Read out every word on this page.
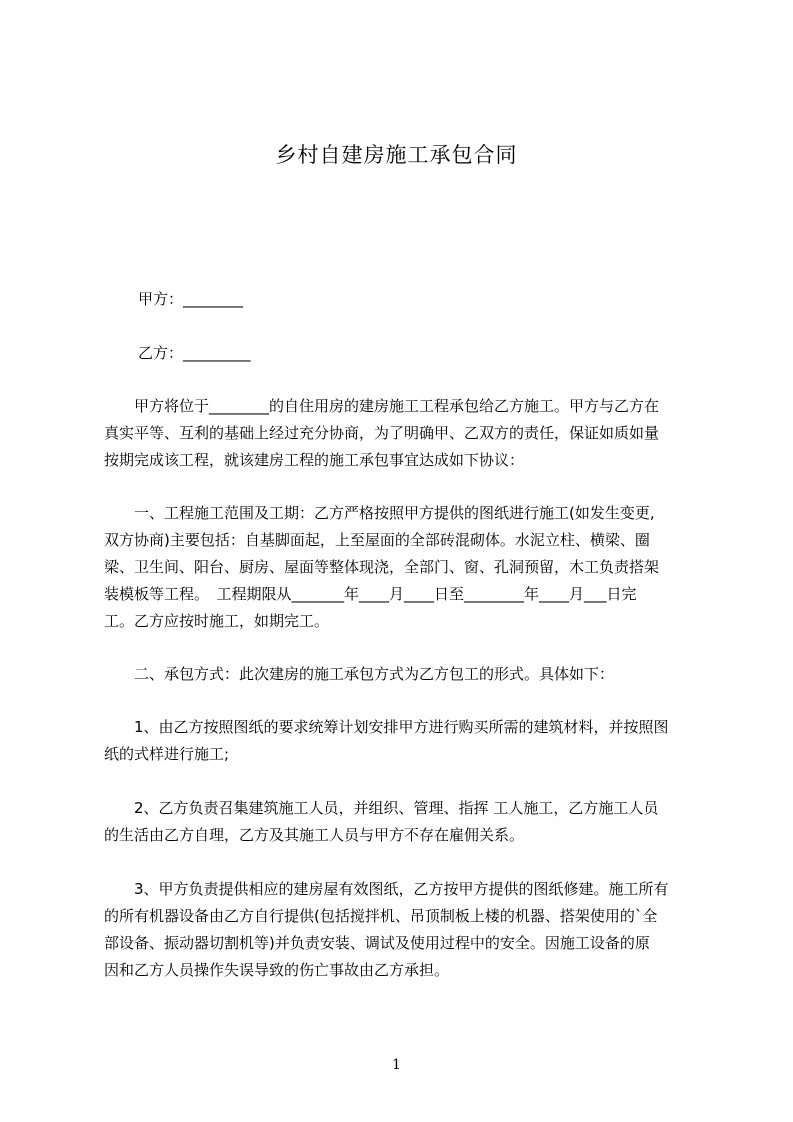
乡村自建房施工承包合同

甲方：________

乙方：_________

　　甲方将位于________的自住用房的建房施工工程承包给乙方施工。甲方与乙方在
真实平等、互利的基础上经过充分协商，为了明确甲、乙双方的责任，保证如质如量
按期完成该工程，就该建房工程的施工承包事宜达成如下协议：

　　一、工程施工范围及工期：乙方严格按照甲方提供的图纸进行施工(如发生变更,
双方协商)主要包括：自基脚面起，上至屋面的全部砖混砌体。水泥立柱、横梁、圈
梁、卫生间、阳台、厨房、屋面等整体现浇，全部门、窗、孔洞预留，木工负责搭架
装模板等工程。　工程期限从_______年____月____日至________年____月___日完
工。乙方应按时施工，如期完工。

　　二、承包方式：此次建房的施工承包方式为乙方包工的形式。具体如下：

　　1、由乙方按照图纸的要求统筹计划安排甲方进行购买所需的建筑材料，并按照图
纸的式样进行施工;

　　2、乙方负责召集建筑施工人员，并组织、管理、指挥 工人施工，乙方施工人员
的生活由乙方自理，乙方及其施工人员与甲方不存在雇佣关系。

　　3、甲方负责提供相应的建房屋有效图纸，乙方按甲方提供的图纸修建。施工所有
的所有机器设备由乙方自行提供(包括搅拌机、吊顶制板上楼的机器、搭架使用的`全
部设备、振动器切割机等)并负责安装、调试及使用过程中的安全。因施工设备的原
因和乙方人员操作失误导致的伤亡事故由乙方承担。

1
